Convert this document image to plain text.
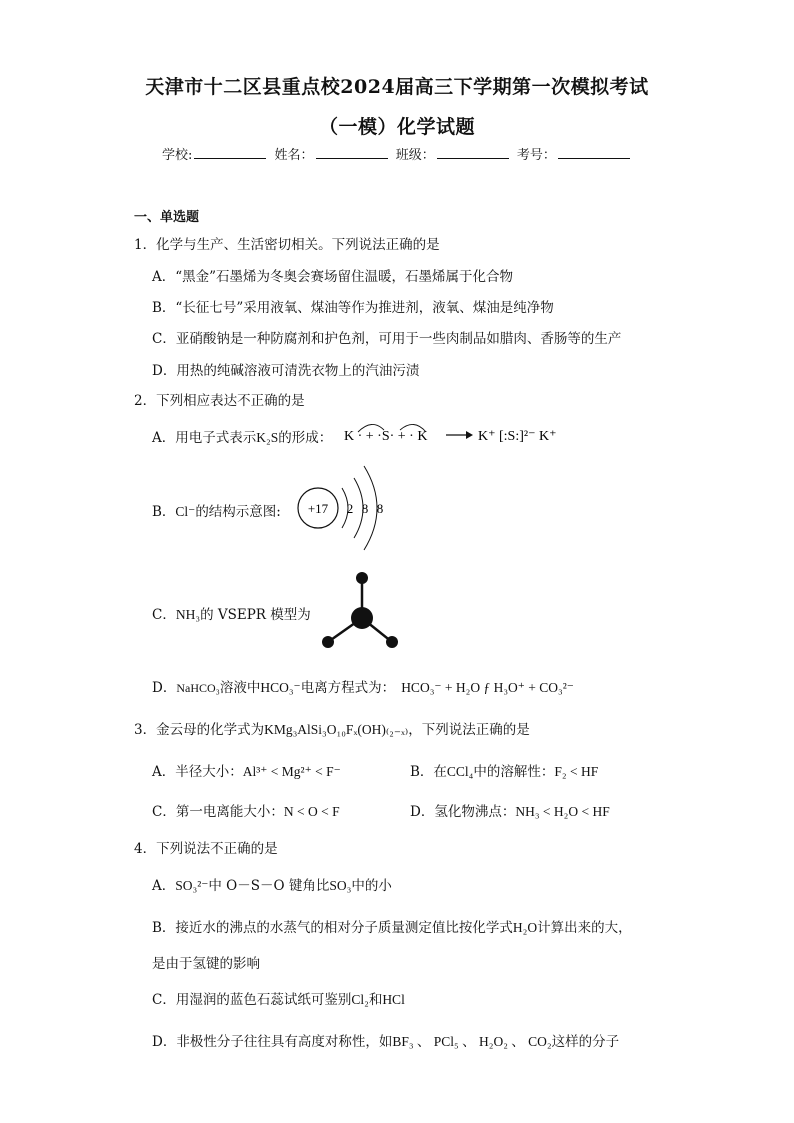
天津市十二区县重点校2024届高三下学期第一次模拟考试
（一模）化学试题
学校:	姓名：	班级：	考号：
一、单选题
1．化学与生产、生活密切相关。下列说法正确的是
A．“黑金”石墨烯为冬奥会赛场留住温暖，石墨烯属于化合物
B．“长征七号”采用液氧、煤油等作为推进剂，液氧、煤油是纯净物
C．亚硝酸钠是一种防腐剂和护色剂，可用于一些肉制品如腊肉、香肠等的生产
D．用热的纯碱溶液可清洗衣物上的汽油污渍
2．下列相应表达不正确的是
A．用电子式表示K₂S的形成： K · + ·S· + · K	K⁺ [:S:]²⁻ K⁺
B．Cl⁻的结构示意图: +17 2 8 8
C．NH₃的 VSEPR 模型为
D．NaHCO₃溶液中HCO₃⁻电离方程式为： HCO₃⁻ + H₂O ƒ H₃O⁺ + CO₃²⁻
3．金云母的化学式为KMg₃AlSi₃O₁₀Fₓ(OH)₍₂₋ₓ₎，下列说法正确的是
A．半径大小：Al³⁺ < Mg²⁺ < F⁻	B．在CCl₄中的溶解性：F₂ < HF
C．第一电离能大小：N < O < F	D．氢化物沸点：NH₃ < H₂O < HF
4．下列说法不正确的是
A．SO₃²⁻中 O－S－O 键角比SO₃中的小
B．接近水的沸点的水蒸气的相对分子质量测定值比按化学式H₂O计算出来的大，
是由于氢键的影响
C．用湿润的蓝色石蕊试纸可鉴别Cl₂和HCl
D．非极性分子往往具有高度对称性，如BF₃ 、 PCl₅ 、 H₂O₂ 、 CO₂这样的分子
